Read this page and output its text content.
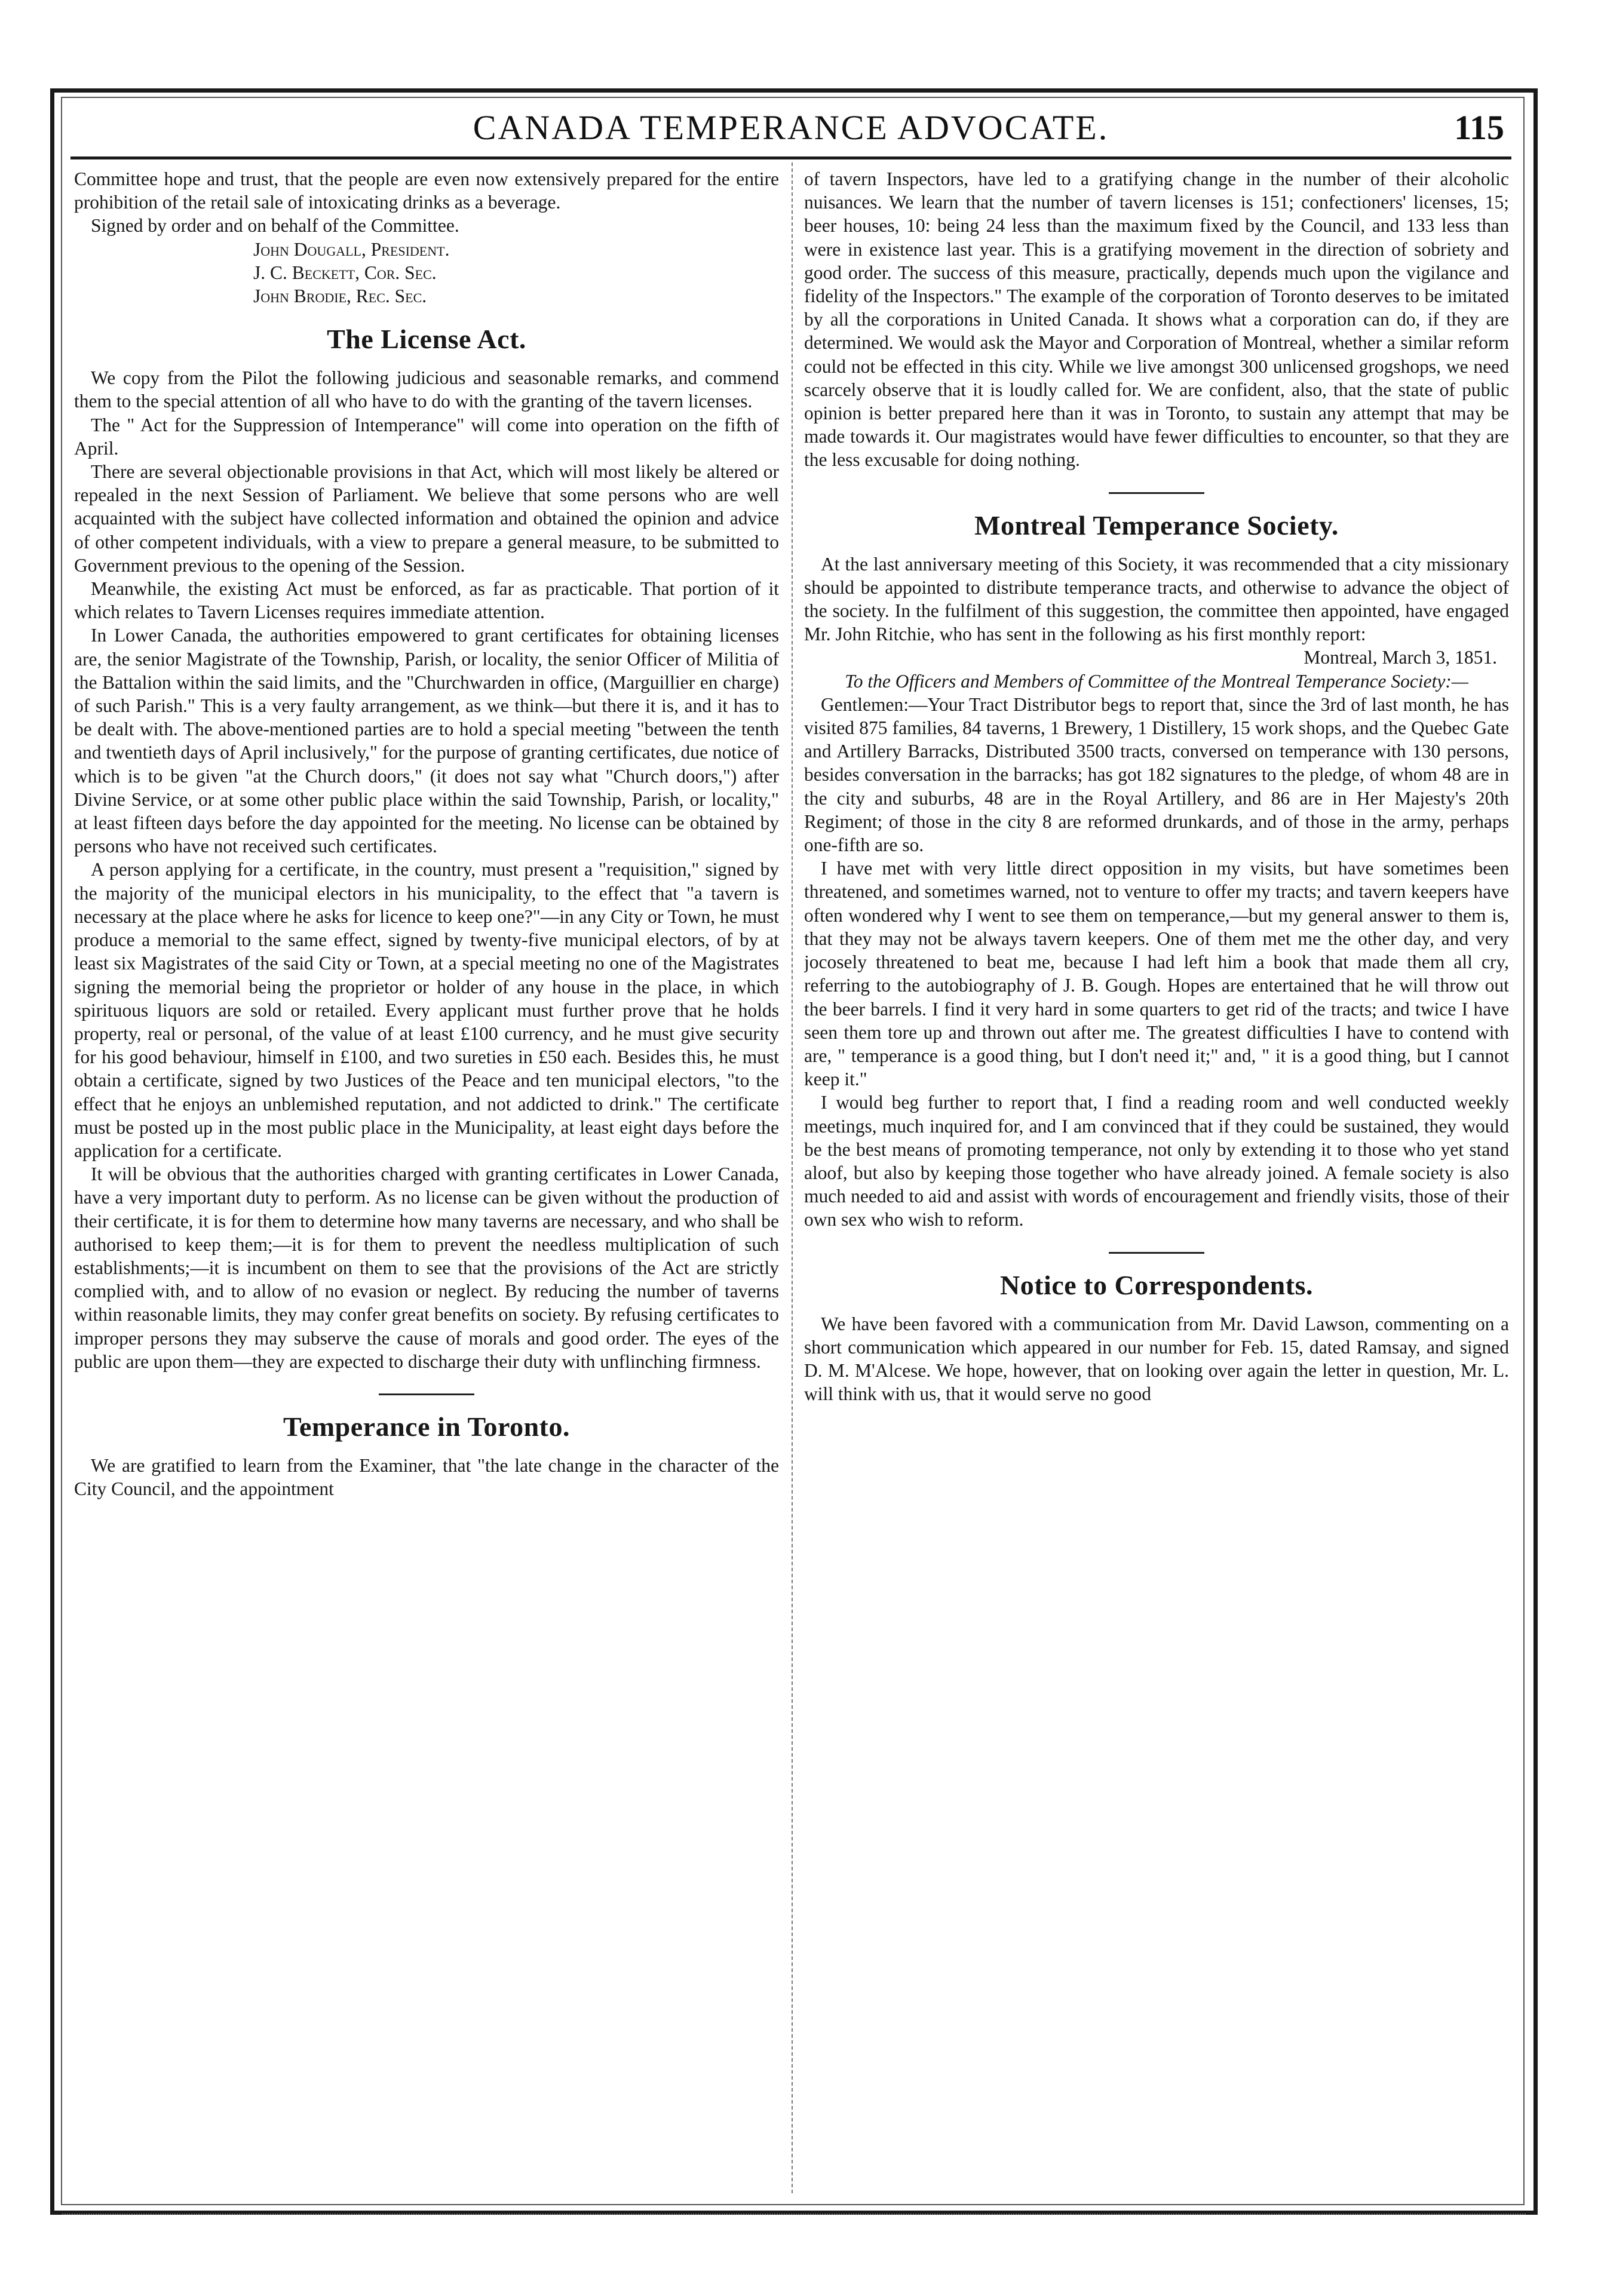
CANADA TEMPERANCE ADVOCATE.	115

Committee hope and trust, that the people are even now extensively prepared for the entire prohibition of the retail sale of intoxicating drinks as a beverage.

Signed by order and on behalf of the Committee.

John Dougall, President.

J. C. Beckett, Cor. Sec.

John Brodie, Rec. Sec.

The License Act.

We copy from the Pilot the following judicious and seasonable remarks, and commend them to the special attention of all who have to do with the granting of the tavern licenses.

The " Act for the Suppression of Intemperance" will come into operation on the fifth of April.

There are several objectionable provisions in that Act, which will most likely be altered or repealed in the next Session of Parliament. We believe that some persons who are well acquainted with the subject have collected information and obtained the opinion and advice of other competent individuals, with a view to prepare a general measure, to be submitted to Government previous to the opening of the Session.

Meanwhile, the existing Act must be enforced, as far as practicable. That portion of it which relates to Tavern Licenses requires immediate attention.

In Lower Canada, the authorities empowered to grant certificates for obtaining licenses are, the senior Magistrate of the Township, Parish, or locality, the senior Officer of Militia of the Battalion within the said limits, and the "Churchwarden in office, (Marguillier en charge) of such Parish." This is a very faulty arrangement, as we think—but there it is, and it has to be dealt with. The above-mentioned parties are to hold a special meeting "between the tenth and twentieth days of April inclusively," for the purpose of granting certificates, due notice of which is to be given "at the Church doors," (it does not say what "Church doors,") after Divine Service, or at some other public place within the said Township, Parish, or locality," at least fifteen days before the day appointed for the meeting. No license can be obtained by persons who have not received such certificates.

A person applying for a certificate, in the country, must present a "requisition," signed by the majority of the municipal electors in his municipality, to the effect that "a tavern is necessary at the place where he asks for licence to keep one?"—in any City or Town, he must produce a memorial to the same effect, signed by twenty-five municipal electors, of by at least six Magistrates of the said City or Town, at a special meeting no one of the Magistrates signing the memorial being the proprietor or holder of any house in the place, in which spirituous liquors are sold or retailed. Every applicant must further prove that he holds property, real or personal, of the value of at least £100 currency, and he must give security for his good behaviour, himself in £100, and two sureties in £50 each. Besides this, he must obtain a certificate, signed by two Justices of the Peace and ten municipal electors, "to the effect that he enjoys an unblemished reputation, and not addicted to drink." The certificate must be posted up in the most public place in the Municipality, at least eight days before the application for a certificate.

It will be obvious that the authorities charged with granting certificates in Lower Canada, have a very important duty to perform. As no license can be given without the production of their certificate, it is for them to determine how many taverns are necessary, and who shall be authorised to keep them;—it is for them to prevent the needless multiplication of such establishments;—it is incumbent on them to see that the provisions of the Act are strictly complied with, and to allow of no evasion or neglect. By reducing the number of taverns within reasonable limits, they may confer great benefits on society. By refusing certificates to improper persons they may subserve the cause of morals and good order. The eyes of the public are upon them—they are expected to discharge their duty with unflinching firmness.

Temperance in Toronto.

We are gratified to learn from the Examiner, that "the late change in the character of the City Council, and the appointment

of tavern Inspectors, have led to a gratifying change in the number of their alcoholic nuisances. We learn that the number of tavern licenses is 151; confectioners' licenses, 15; beer houses, 10: being 24 less than the maximum fixed by the Council, and 133 less than were in existence last year. This is a gratifying movement in the direction of sobriety and good order. The success of this measure, practically, depends much upon the vigilance and fidelity of the Inspectors." The example of the corporation of Toronto deserves to be imitated by all the corporations in United Canada. It shows what a corporation can do, if they are determined. We would ask the Mayor and Corporation of Montreal, whether a similar reform could not be effected in this city. While we live amongst 300 unlicensed grogshops, we need scarcely observe that it is loudly called for. We are confident, also, that the state of public opinion is better prepared here than it was in Toronto, to sustain any attempt that may be made towards it. Our magistrates would have fewer difficulties to encounter, so that they are the less excusable for doing nothing.

Montreal Temperance Society.

At the last anniversary meeting of this Society, it was recommended that a city missionary should be appointed to distribute temperance tracts, and otherwise to advance the object of the society. In the fulfilment of this suggestion, the committee then appointed, have engaged Mr. John Ritchie, who has sent in the following as his first monthly report:

Montreal, March 3, 1851.

To the Officers and Members of Committee of the Montreal Temperance Society:—

Gentlemen:—Your Tract Distributor begs to report that, since the 3rd of last month, he has visited 875 families, 84 taverns, 1 Brewery, 1 Distillery, 15 work shops, and the Quebec Gate and Artillery Barracks, Distributed 3500 tracts, conversed on temperance with 130 persons, besides conversation in the barracks; has got 182 signatures to the pledge, of whom 48 are in the city and suburbs, 48 are in the Royal Artillery, and 86 are in Her Majesty's 20th Regiment; of those in the city 8 are reformed drunkards, and of those in the army, perhaps one-fifth are so.

I have met with very little direct opposition in my visits, but have sometimes been threatened, and sometimes warned, not to venture to offer my tracts; and tavern keepers have often wondered why I went to see them on temperance,—but my general answer to them is, that they may not be always tavern keepers. One of them met me the other day, and very jocosely threatened to beat me, because I had left him a book that made them all cry, referring to the autobiography of J. B. Gough. Hopes are entertained that he will throw out the beer barrels. I find it very hard in some quarters to get rid of the tracts; and twice I have seen them tore up and thrown out after me. The greatest difficulties I have to contend with are, " temperance is a good thing, but I don't need it;" and, " it is a good thing, but I cannot keep it."

I would beg further to report that, I find a reading room and well conducted weekly meetings, much inquired for, and I am convinced that if they could be sustained, they would be the best means of promoting temperance, not only by extending it to those who yet stand aloof, but also by keeping those together who have already joined. A female society is also much needed to aid and assist with words of encouragement and friendly visits, those of their own sex who wish to reform.

Notice to Correspondents.

We have been favored with a communication from Mr. David Lawson, commenting on a short communication which appeared in our number for Feb. 15, dated Ramsay, and signed D. M. M'Alcese. We hope, however, that on looking over again the letter in question, Mr. L. will think with us, that it would serve no good
